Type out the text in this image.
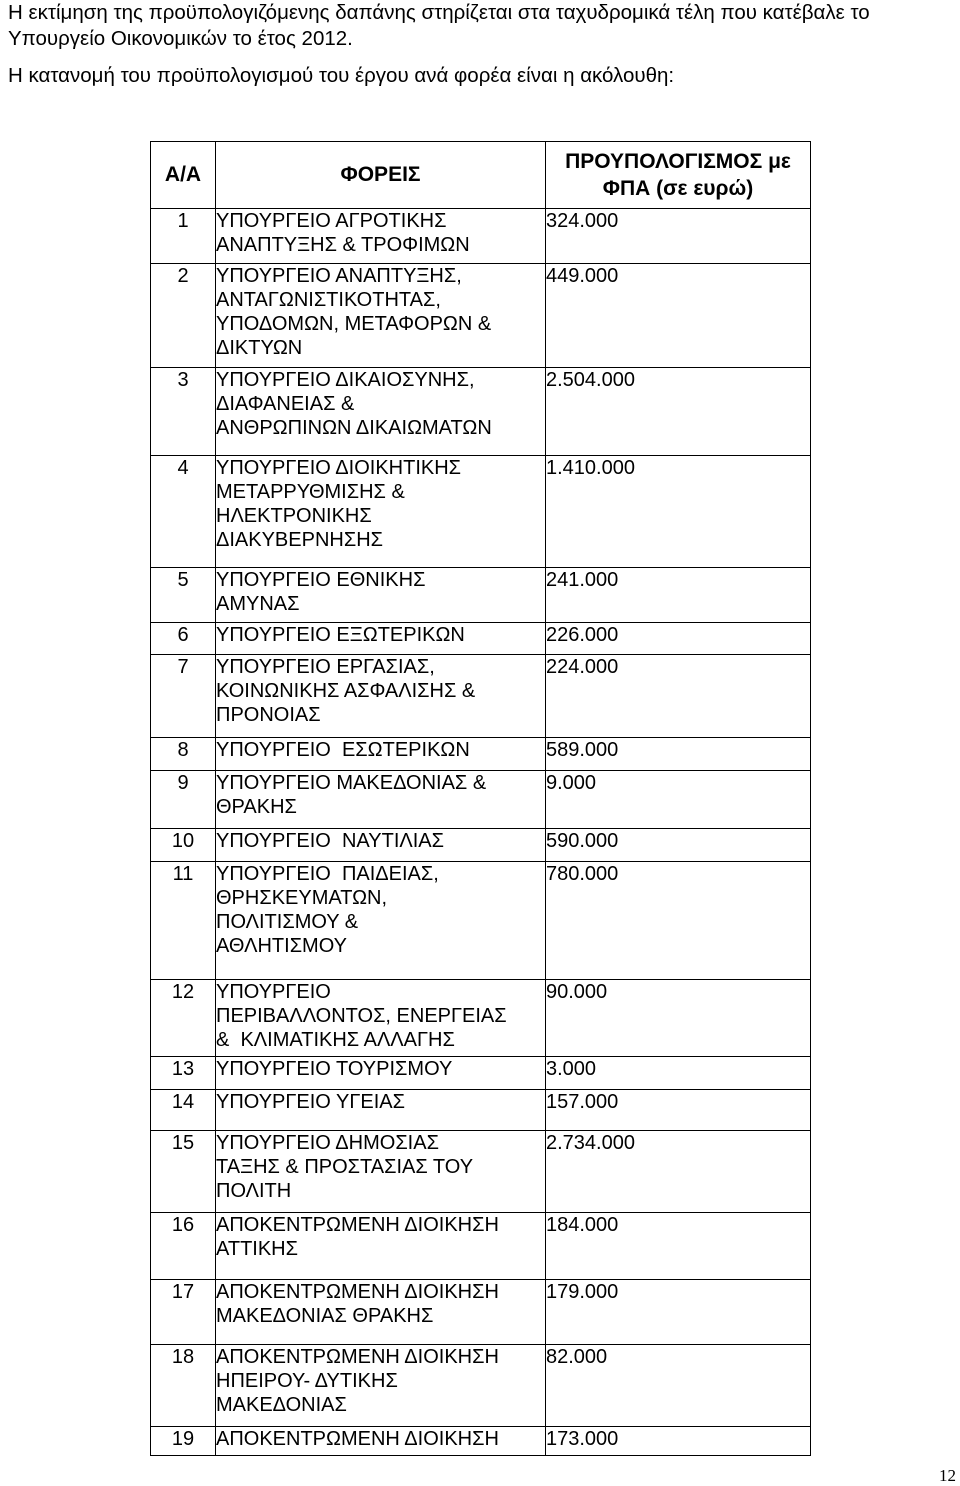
Η εκτίμηση της προϋπολογιζόμενης δαπάνης στηρίζεται στα ταχυδρομικά τέλη που κατέβαλε το Υπουργείο Οικονομικών το έτος 2012.

Η κατανομή του προϋπολογισμού του έργου ανά φορέα είναι η ακόλουθη:

Α/Α	ΦΟΡΕΙΣ	ΠΡΟΥΠΟΛΟΓΙΣΜΟΣ με
ΦΠΑ (σε ευρώ)

1	ΥΠΟΥΡΓΕΙΟ ΑΓΡΟΤΙΚΗΣ
ΑΝΑΠΤΥΞΗΣ & ΤΡΟΦΙΜΩΝ	324.000
2	ΥΠΟΥΡΓΕΙΟ ΑΝΑΠΤΥΞΗΣ,
ΑΝΤΑΓΩΝΙΣΤΙΚΟΤΗΤΑΣ,
ΥΠΟΔΟΜΩΝ, ΜΕΤΑΦΟΡΩΝ &
ΔΙΚΤΥΩΝ	449.000
3	ΥΠΟΥΡΓΕΙΟ ΔΙΚΑΙΟΣΥΝΗΣ,
ΔΙΑΦΑΝΕΙΑΣ &
ΑΝΘΡΩΠΙΝΩΝ ΔΙΚΑΙΩΜΑΤΩΝ	2.504.000
4	ΥΠΟΥΡΓΕΙΟ ΔΙΟΙΚΗΤΙΚΗΣ
ΜΕΤΑΡΡΥΘΜΙΣΗΣ &
ΗΛΕΚΤΡΟΝΙΚΗΣ
ΔΙΑΚΥΒΕΡΝΗΣΗΣ	1.410.000
5	ΥΠΟΥΡΓΕΙΟ ΕΘΝΙΚΗΣ
ΑΜΥΝΑΣ	241.000
6	ΥΠΟΥΡΓΕΙΟ ΕΞΩΤΕΡΙΚΩΝ	226.000
7	ΥΠΟΥΡΓΕΙΟ ΕΡΓΑΣΙΑΣ,
ΚΟΙΝΩΝΙΚΗΣ ΑΣΦΑΛΙΣΗΣ &
ΠΡΟΝΟΙΑΣ	224.000
8	ΥΠΟΥΡΓΕΙΟ  ΕΣΩΤΕΡΙΚΩΝ	589.000
9	ΥΠΟΥΡΓΕΙΟ ΜΑΚΕΔΟΝΙΑΣ &
ΘΡΑΚΗΣ	9.000
10	ΥΠΟΥΡΓΕΙΟ  ΝΑΥΤΙΛΙΑΣ	590.000
11	ΥΠΟΥΡΓΕΙΟ  ΠΑΙΔΕΙΑΣ,
ΘΡΗΣΚΕΥΜΑΤΩΝ,
ΠΟΛΙΤΙΣΜΟΥ &
ΑΘΛΗΤΙΣΜΟΥ	780.000
12	ΥΠΟΥΡΓΕΙΟ
ΠΕΡΙΒΑΛΛΟΝΤΟΣ, ΕΝΕΡΓΕΙΑΣ
&  ΚΛΙΜΑΤΙΚΗΣ ΑΛΛΑΓΗΣ	90.000
13	ΥΠΟΥΡΓΕΙΟ ΤΟΥΡΙΣΜΟΥ	3.000
14	ΥΠΟΥΡΓΕΙΟ ΥΓΕΙΑΣ	157.000
15	ΥΠΟΥΡΓΕΙΟ ΔΗΜΟΣΙΑΣ
ΤΑΞΗΣ & ΠΡΟΣΤΑΣΙΑΣ ΤΟΥ
ΠΟΛΙΤΗ	2.734.000
16	ΑΠΟΚΕΝΤΡΩΜΕΝΗ ΔΙΟΙΚΗΣΗ
ΑΤΤΙΚΗΣ	184.000
17	ΑΠΟΚΕΝΤΡΩΜΕΝΗ ΔΙΟΙΚΗΣΗ
ΜΑΚΕΔΟΝΙΑΣ ΘΡΑΚΗΣ	179.000
18	ΑΠΟΚΕΝΤΡΩΜΕΝΗ ΔΙΟΙΚΗΣΗ
ΗΠΕΙΡΟΥ- ΔΥΤΙΚΗΣ
ΜΑΚΕΔΟΝΙΑΣ	82.000
19	ΑΠΟΚΕΝΤΡΩΜΕΝΗ ΔΙΟΙΚΗΣΗ	173.000
12
